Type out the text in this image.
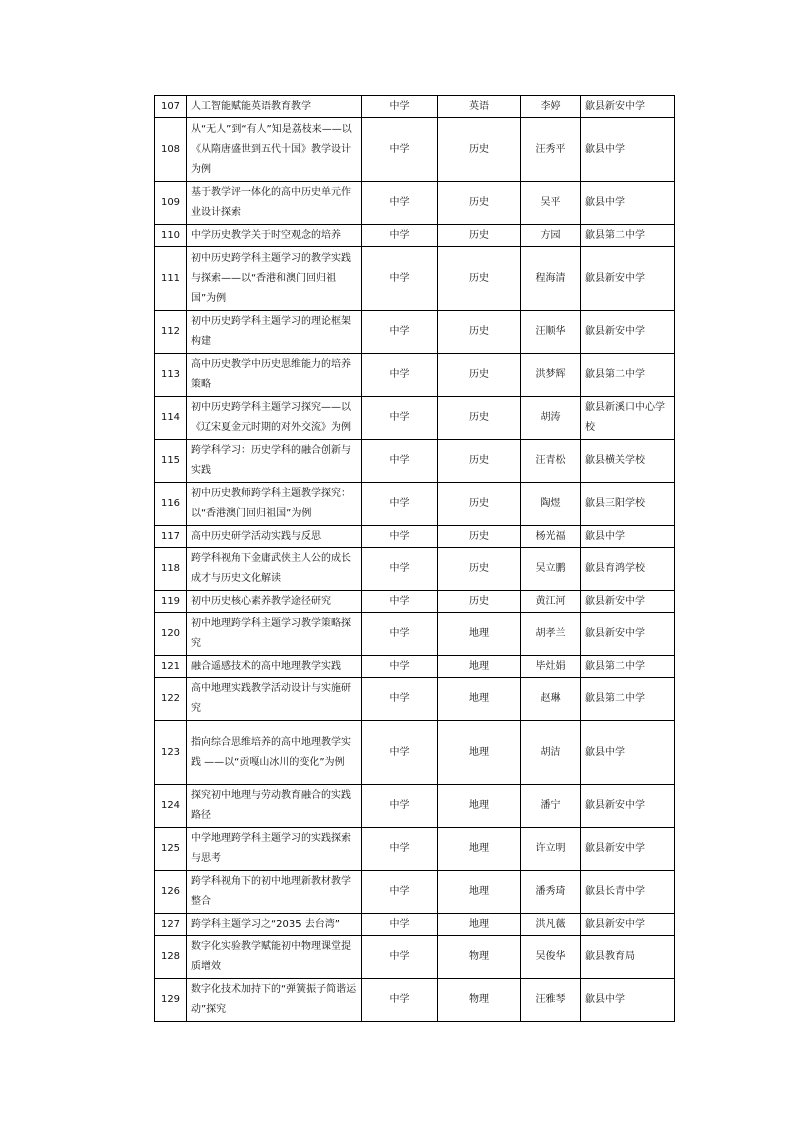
107	人工智能赋能英语教育教学	中学	英语	李婷	歙县新安中学
108	从“无人”到“有人”知是荔枝来——以《从隋唐盛世到五代十国》教学设计为例	中学	历史	汪秀平	歙县中学
109	基于教学评一体化的高中历史单元作业设计探索	中学	历史	吴平	歙县中学
110	中学历史教学关于时空观念的培养	中学	历史	方园	歙县第二中学
111	初中历史跨学科主题学习的教学实践与探索——以“香港和澳门回归祖国”为例	中学	历史	程海清	歙县新安中学
112	初中历史跨学科主题学习的理论框架构建	中学	历史	汪顺华	歙县新安中学
113	高中历史教学中历史思维能力的培养策略	中学	历史	洪梦辉	歙县第二中学
114	初中历史跨学科主题学习探究——以《辽宋夏金元时期的对外交流》为例	中学	历史	胡涛	歙县新溪口中心学校
115	跨学科学习：历史学科的融合创新与实践	中学	历史	汪青松	歙县横关学校
116	初中历史教师跨学科主题教学探究：以“香港澳门回归祖国”为例	中学	历史	陶煜	歙县三阳学校
117	高中历史研学活动实践与反思	中学	历史	杨光福	歙县中学
118	跨学科视角下金庸武侠主人公的成长成才与历史文化解读	中学	历史	吴立鹏	歙县育鸿学校
119	初中历史核心素养教学途径研究	中学	历史	黄江河	歙县新安中学
120	初中地理跨学科主题学习教学策略探究	中学	地理	胡孝兰	歙县新安中学
121	融合遥感技术的高中地理教学实践	中学	地理	毕灶娟	歙县第二中学
122	高中地理实践教学活动设计与实施研究	中学	地理	赵琳	歙县第二中学
123	指向综合思维培养的高中地理教学实践 ——以“贡嘎山冰川的变化”为例	中学	地理	胡洁	歙县中学
124	探究初中地理与劳动教育融合的实践路径	中学	地理	潘宁	歙县新安中学
125	中学地理跨学科主题学习的实践探索与思考	中学	地理	许立明	歙县新安中学
126	跨学科视角下的初中地理新教材教学整合	中学	地理	潘秀琦	歙县长青中学
127	跨学科主题学习之“2035 去台湾”	中学	地理	洪凡薇	歙县新安中学
128	数字化实验教学赋能初中物理课堂提质增效	中学	物理	吴俊华	歙县教育局
129	数字化技术加持下的“弹簧振子简谐运动”探究	中学	物理	汪雅琴	歙县中学
